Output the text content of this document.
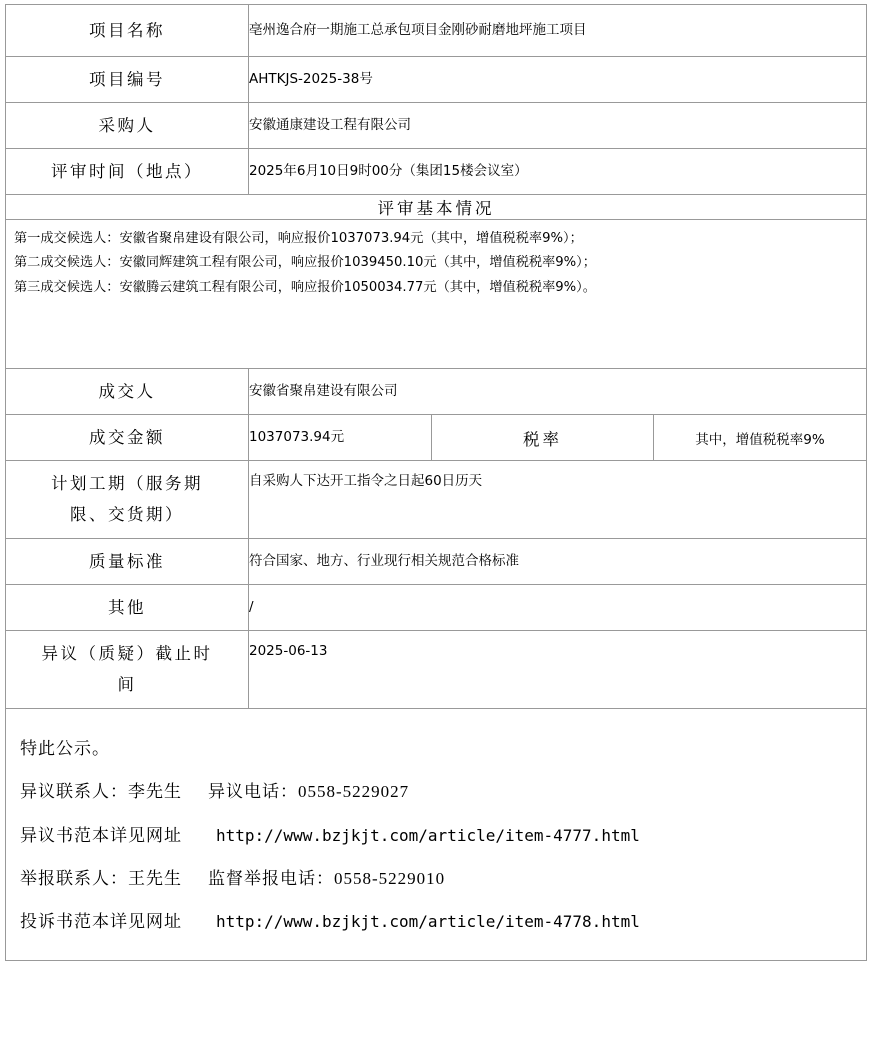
项目名称	亳州逸合府一期施工总承包项目金刚砂耐磨地坪施工项目		
项目编号	AHTKJS-2025-38号		
采购人	安徽通康建设工程有限公司		
评审时间（地点）	2025年6月10日9时00分（集团15楼会议室）		
评审基本情况			

第一成交候选人：安徽省聚帛建设有限公司，响应报价1037073.94元（其中，增值税税率9%）；
第二成交候选人：安徽同辉建筑工程有限公司，响应报价1039450.10元（其中，增值税税率9%）；
第三成交候选人：安徽腾云建筑工程有限公司，响应报价1050034.77元（其中，增值税税率9%）。			

成交人	安徽省聚帛建设有限公司		
成交金额	1037073.94元	税率	其中，增值税税率9%

计划工期（服务期
限、交货期）	自采购人下达开工指令之日起60日历天		
质量标准	符合国家、地方、行业现行相关规范合格标准		
其他	/		

异议（质疑）截止时
间	2025-06-13		

特此公示。
异议联系人：李先生 异议电话：0558-5229027
异议书范本详见网址 http://www.bzjkjt.com/article/item-4777.html
举报联系人：王先生 监督举报电话：0558-5229010
投诉书范本详见网址 http://www.bzjkjt.com/article/item-4778.html
